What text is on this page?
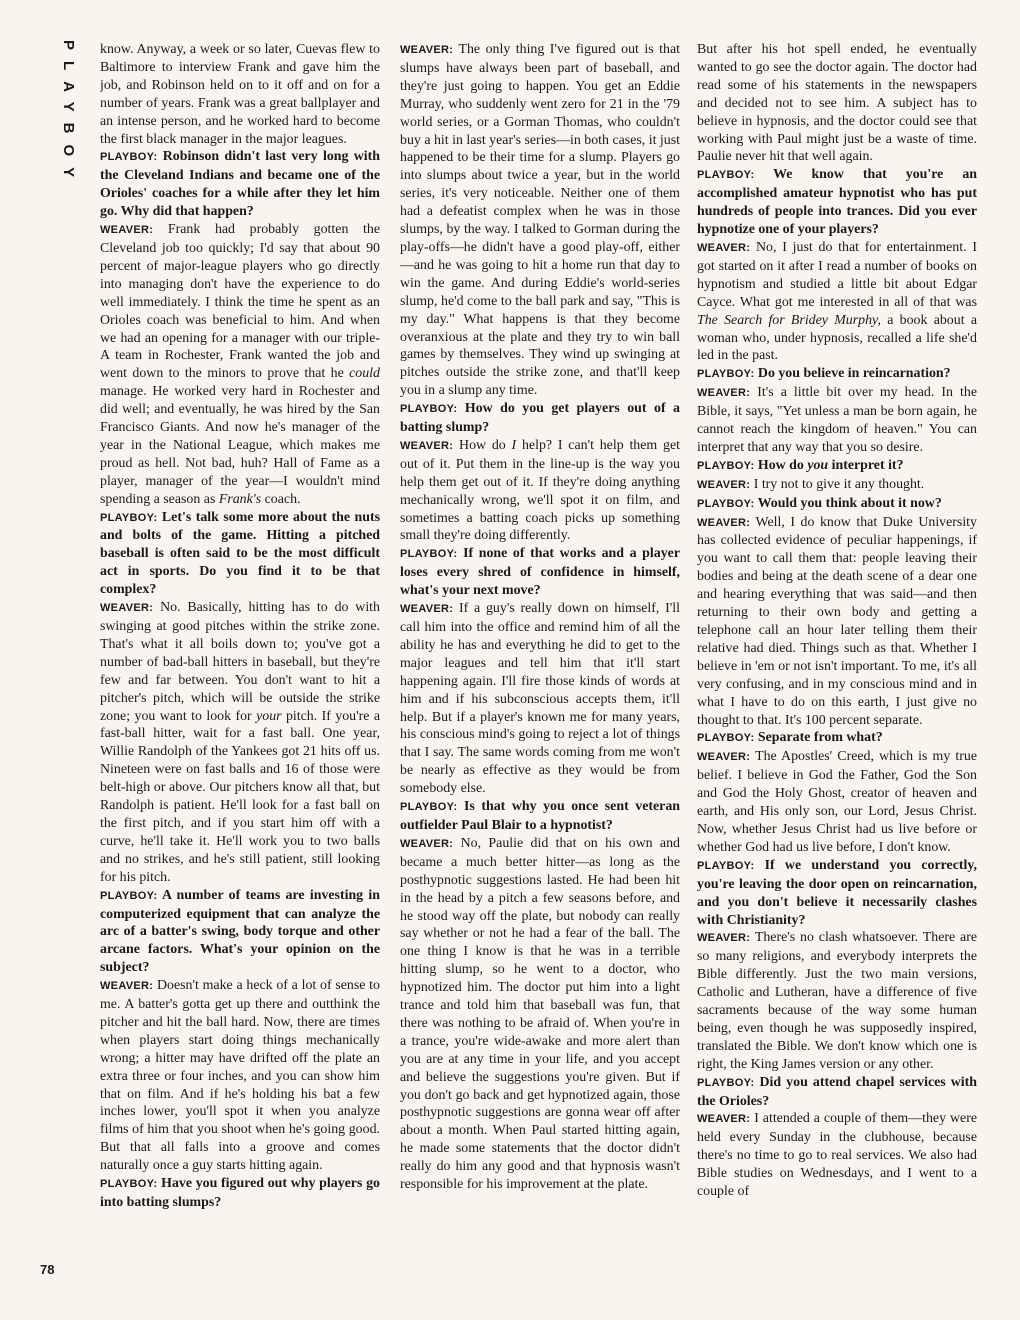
PLAYBOY know. Anyway, a week or so later, Cuevas flew to Baltimore to interview Frank and gave him the job, and Robinson held on to it off and on for a number of years. Frank was a great ballplayer and an intense person, and he worked hard to become the first black manager in the major leagues.

PLAYBOY: Robinson didn't last very long with the Cleveland Indians and became one of the Orioles' coaches for a while after they let him go. Why did that happen?

WEAVER: Frank had probably gotten the Cleveland job too quickly; I'd say that about 90 percent of major-league players who go directly into managing don't have the experience to do well immediately. I think the time he spent as an Orioles coach was beneficial to him. And when we had an opening for a manager with our triple-A team in Rochester, Frank wanted the job and went down to the minors to prove that he could manage. He worked very hard in Rochester and did well; and eventually, he was hired by the San Francisco Giants. And now he's manager of the year in the National League, which makes me proud as hell. Not bad, huh? Hall of Fame as a player, manager of the year—I wouldn't mind spending a season as Frank's coach.

PLAYBOY: Let's talk some more about the nuts and bolts of the game. Hitting a pitched baseball is often said to be the most difficult act in sports. Do you find it to be that complex?

WEAVER: No. Basically, hitting has to do with swinging at good pitches within the strike zone. That's what it all boils down to; you've got a number of bad-ball hitters in baseball, but they're few and far between. You don't want to hit a pitcher's pitch, which will be outside the strike zone; you want to look for your pitch. If you're a fast-ball hitter, wait for a fast ball. One year, Willie Randolph of the Yankees got 21 hits off us. Nineteen were on fast balls and 16 of those were belt-high or above. Our pitchers know all that, but Randolph is patient. He'll look for a fast ball on the first pitch, and if you start him off with a curve, he'll take it. He'll work you to two balls and no strikes, and he's still patient, still looking for his pitch.

PLAYBOY: A number of teams are investing in computerized equipment that can analyze the arc of a batter's swing, body torque and other arcane factors. What's your opinion on the subject?

WEAVER: Doesn't make a heck of a lot of sense to me. A batter's gotta get up there and outthink the pitcher and hit the ball hard. Now, there are times when players start doing things mechanically wrong; a hitter may have drifted off the plate an extra three or four inches, and you can show him that on film. And if he's holding his bat a few inches lower, you'll spot it when you analyze films of him that you shoot when he's going good. But that all falls into a groove and comes naturally once a guy starts hitting again.

PLAYBOY: Have you figured out why players go into batting slumps?

WEAVER: The only thing I've figured out is that slumps have always been part of baseball, and they're just going to happen. You get an Eddie Murray, who suddenly went zero for 21 in the '79 world series, or a Gorman Thomas, who couldn't buy a hit in last year's series—in both cases, it just happened to be their time for a slump. Players go into slumps about twice a year, but in the world series, it's very noticeable. Neither one of them had a defeatist complex when he was in those slumps, by the way. I talked to Gorman during the play-offs—he didn't have a good play-off, either—and he was going to hit a home run that day to win the game. And during Eddie's world-series slump, he'd come to the ball park and say, "This is my day." What happens is that they become overanxious at the plate and they try to win ball games by themselves. They wind up swinging at pitches outside the strike zone, and that'll keep you in a slump any time.

PLAYBOY: How do you get players out of a batting slump?

WEAVER: How do I help? I can't help them get out of it. Put them in the line-up is the way you help them get out of it. If they're doing anything mechanically wrong, we'll spot it on film, and sometimes a batting coach picks up something small they're doing differently.

PLAYBOY: If none of that works and a player loses every shred of confidence in himself, what's your next move?

WEAVER: If a guy's really down on himself, I'll call him into the office and remind him of all the ability he has and everything he did to get to the major leagues and tell him that it'll start happening again. I'll fire those kinds of words at him and if his subconscious accepts them, it'll help. But if a player's known me for many years, his conscious mind's going to reject a lot of things that I say. The same words coming from me won't be nearly as effective as they would be from somebody else.

PLAYBOY: Is that why you once sent veteran outfielder Paul Blair to a hypnotist?

WEAVER: No, Paulie did that on his own and became a much better hitter—as long as the posthypnotic suggestions lasted. He had been hit in the head by a pitch a few seasons before, and he stood way off the plate, but nobody can really say whether or not he had a fear of the ball. The one thing I know is that he was in a terrible hitting slump, so he went to a doctor, who hypnotized him. The doctor put him into a light trance and told him that baseball was fun, that there was nothing to be afraid of. When you're in a trance, you're wide-awake and more alert than you are at any time in your life, and you accept and believe the suggestions you're given. But if you don't go back and get hypnotized again, those posthypnotic suggestions are gonna wear off after about a month. When Paul started hitting again, he made some statements that the doctor didn't really do him any good and that hypnosis wasn't responsible for his improvement at the plate.

But after his hot spell ended, he eventually wanted to go see the doctor again. The doctor had read some of his statements in the newspapers and decided not to see him. A subject has to believe in hypnosis, and the doctor could see that working with Paul might just be a waste of time. Paulie never hit that well again.

PLAYBOY: We know that you're an accomplished amateur hypnotist who has put hundreds of people into trances. Did you ever hypnotize one of your players?

WEAVER: No, I just do that for entertainment. I got started on it after I read a number of books on hypnotism and studied a little bit about Edgar Cayce. What got me interested in all of that was The Search for Bridey Murphy, a book about a woman who, under hypnosis, recalled a life she'd led in the past.

PLAYBOY: Do you believe in reincarnation?

WEAVER: It's a little bit over my head. In the Bible, it says, "Yet unless a man be born again, he cannot reach the kingdom of heaven." You can interpret that any way that you so desire.

PLAYBOY: How do you interpret it?

WEAVER: I try not to give it any thought.

PLAYBOY: Would you think about it now?

WEAVER: Well, I do know that Duke University has collected evidence of peculiar happenings, if you want to call them that: people leaving their bodies and being at the death scene of a dear one and hearing everything that was said—and then returning to their own body and getting a telephone call an hour later telling them their relative had died. Things such as that. Whether I believe in 'em or not isn't important. To me, it's all very confusing, and in my conscious mind and in what I have to do on this earth, I just give no thought to that. It's 100 percent separate.

PLAYBOY: Separate from what?

WEAVER: The Apostles' Creed, which is my true belief. I believe in God the Father, God the Son and God the Holy Ghost, creator of heaven and earth, and His only son, our Lord, Jesus Christ. Now, whether Jesus Christ had us live before or whether God had us live before, I don't know.

PLAYBOY: If we understand you correctly, you're leaving the door open on reincarnation, and you don't believe it necessarily clashes with Christianity?

WEAVER: There's no clash whatsoever. There are so many religions, and everybody interprets the Bible differently. Just the two main versions, Catholic and Lutheran, have a difference of five sacraments because of the way some human being, even though he was supposedly inspired, translated the Bible. We don't know which one is right, the King James version or any other.

PLAYBOY: Did you attend chapel services with the Orioles?

WEAVER: I attended a couple of them—they were held every Sunday in the clubhouse, because there's no time to go to real services. We also had Bible studies on Wednesdays, and I went to a couple of

78
